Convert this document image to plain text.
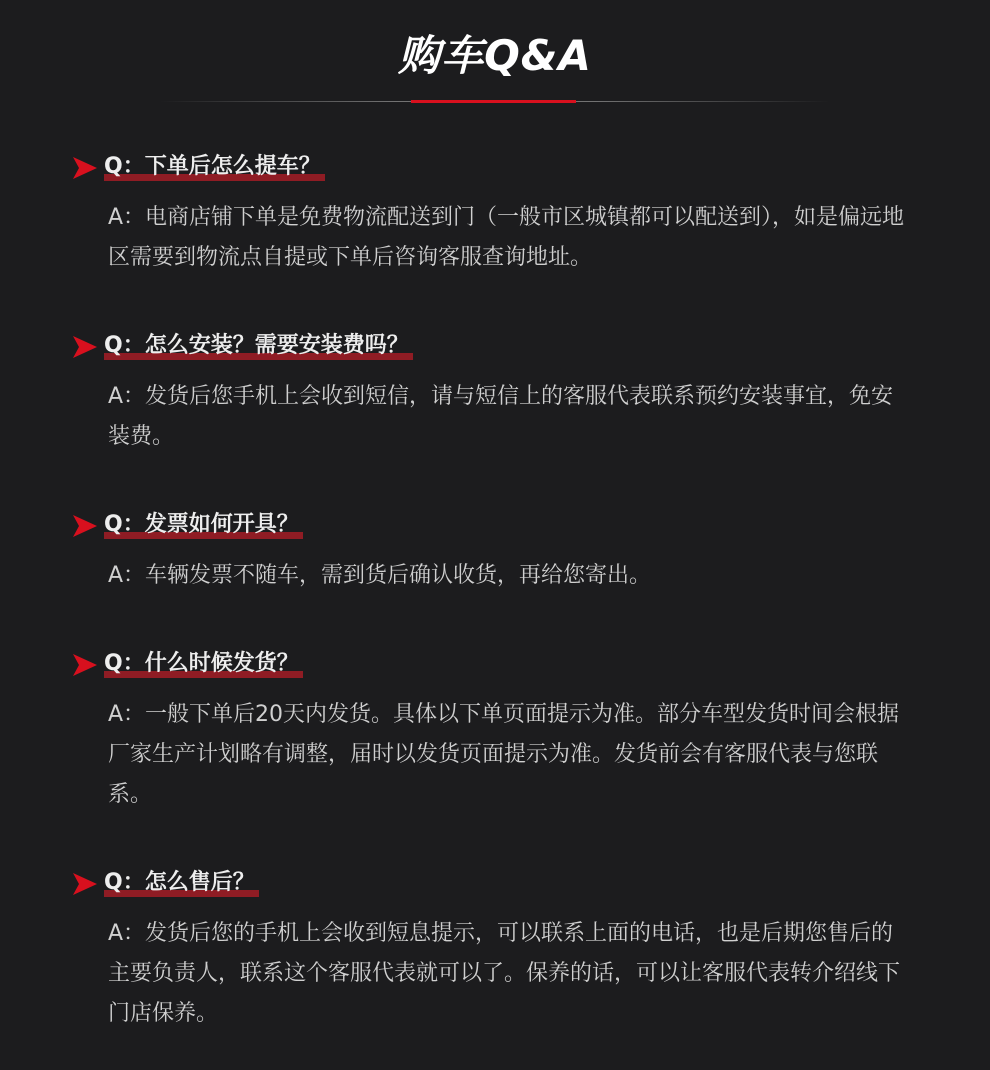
购车Q&A
Q：下单后怎么提车？

A：电商店铺下单是免费物流配送到门（一般市区城镇都可以配送到），如是偏远地区需要到物流点自提或下单后咨询客服查询地址。

Q：怎么安装？需要安装费吗？

A：发货后您手机上会收到短信，请与短信上的客服代表联系预约安装事宜，免安装费。

Q：发票如何开具？

A：车辆发票不随车，需到货后确认收货，再给您寄出。

Q：什么时候发货？

A：一般下单后20天内发货。具体以下单页面提示为准。部分车型发货时间会根据厂家生产计划略有调整，届时以发货页面提示为准。发货前会有客服代表与您联系。

Q：怎么售后？

A：发货后您的手机上会收到短息提示，可以联系上面的电话，也是后期您售后的主要负责人，联系这个客服代表就可以了。保养的话，可以让客服代表转介绍线下门店保养。
